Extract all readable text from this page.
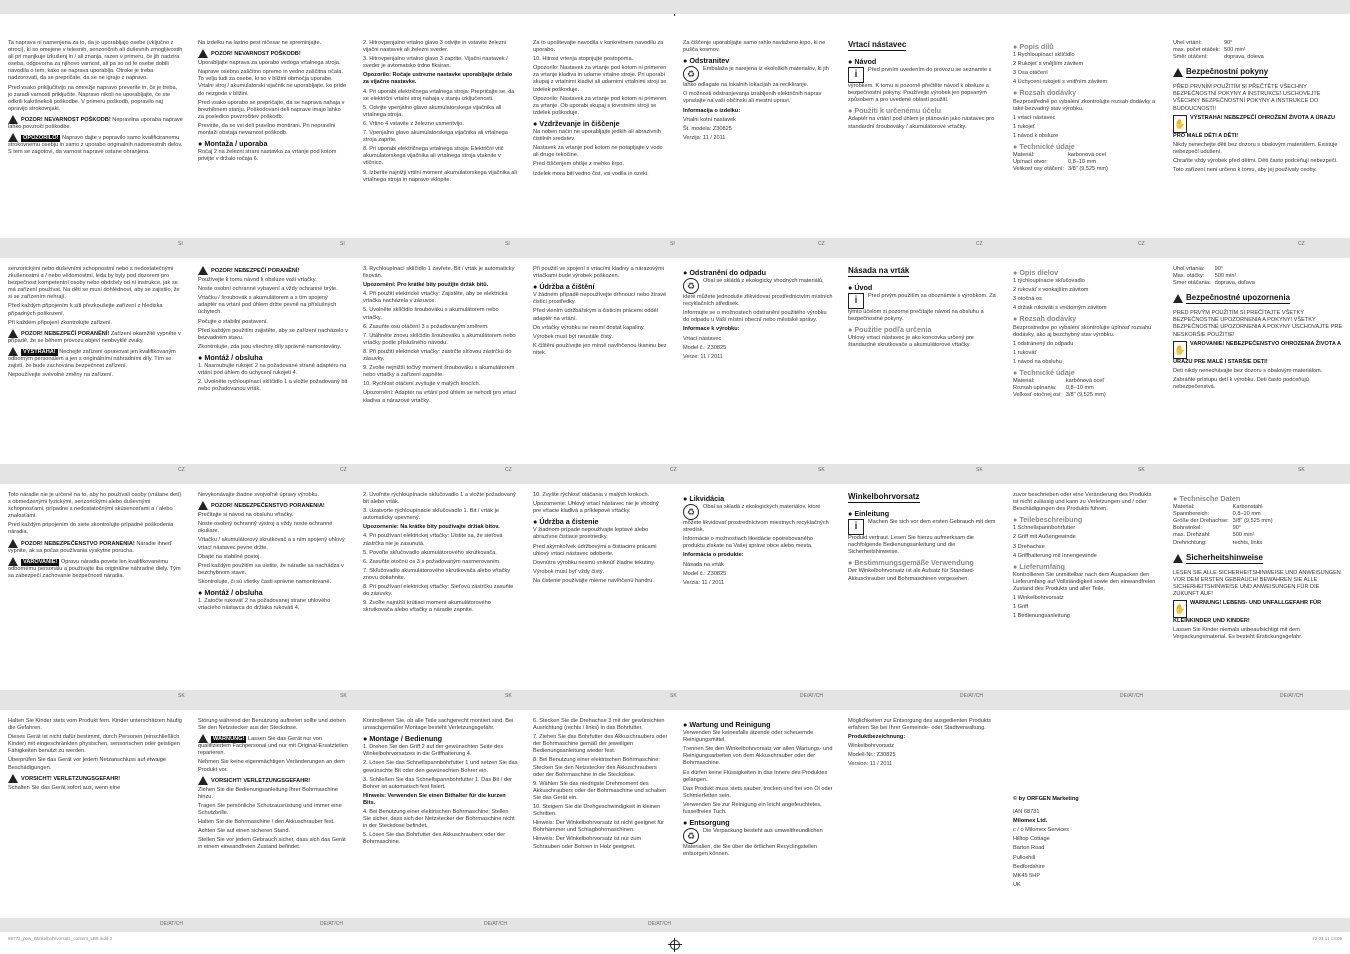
SI	SI	SI	SI	CZ	CZ	CZ	CZ
CZ	CZ	CZ	CZ	SK	SK	SK	SK
SK	SK	SK	SK	DE/AT/CH	DE/AT/CH	DE/AT/CH	DE/AT/CH
DE/AT/CH	DE/AT/CH	DE/AT/CH	DE/AT/CH

Ta naprava ni namenjena za to, da jo uporabljajo osebe (vključno z otroci), ki so omejene v telesnih, senzoričnih ali duševnih zmogljivostih ali pri manjkuje izkušenj in / ali znanja, razen v primeru, če jih nadzira oseba, odgovorna za njihovo varnost, ali pa so od te osebe dobili navodila o tem, kako se naprava uporablja. Otroke je treba nadzorovati, da se prepričate, da se ne igrajo z napravo.

Pred vsako priključitvijo na omrežje napravo preverite in, če je treba, jo zaradi varnosti priključite. Napravo nikoli ne uporabljajte, če ste odkrili kakršnekoli poškodbe. V primeru poškodb, popravilo naj opravijo strokovnjaki.

POZOR! NEVARNOST POŠKODB! Nepravilna uporaba naprave lahko povzroči poškodbe.

OPOZORILO! Napravo dajte v popravilo samo kvalificiranemu strokovnemu osebju in samo z uporabo originalnih nadomestnih delov. S tem se zagotovi, da varnost naprave ostane ohranjena.

Na izdelku na lastno pest ničesar ne spreminjajte.

POZOR! NEVARNOST POŠKODB!

Uporabljajte naprava za uporabo vedoga vrtalnega stroja.

Naprave osebno zaščitno opremo in vedno zaščitna očala. To velja tudi za osebe, ki so v bližini območja uporabe. Vrtalni stroj / akumulatorski vijačnik ne uporabljajte, ko pride do nezgode v bližini.

Pred vsako uporabo se prepričajte, da se naprava nahaja v brezhibnem stanju. Poškodovani deli naprave imajo lahko za posledico povzročitev poškodb.

Previrite, da se vsi deli pravilno montirani. Pri nepravilni montaži obstaja nevarnost poškodb.

● Montaža / uporaba

Ročaj 2 na železni strani nastavka za vrtanje pod kotom privijte v držalo ročaja 6.

2. Hitrovpenjalno vrtalno glavo 3 odvijte in vstavite železni vijačni nastavek ali železni sveder.

3. Hitrovpenjalno vrtalno glavo 3 zaprite. Vijačni nastavek / sveder je avtomatsko trdno fiksiran.

Opozorilo: Ročaje ustrezne nastavke uporabljajte držalo za vijačne nastavke.

4. Pri uporabi električnega vrtalnega stroja: Prepričajte se, da se električni vrtalni stroj nahaja v stanju izključenosti.

5. Odvijte vpenjalno glavo akumulatorskega vijačnika ali vrtalnega stroja.

6. Vrtino 4 vstavite z železno usmeritvijo.

7. Vpenjalno glavo akumulatorskega vijačnika ali vrtalnega stroja zaprite.

8. Pri uporabi električnega vrtalnega stroja: Električni vtič akumulatorskega vijačnika ali vrtalnega stroja vtaknite v vtičnico.

9. Izberite najnižji vrtilni moment akumulatorskega vijačnika ali vrtalnega stroja in napravo vklopite.

Za to upoštevajte navodila v konkretnem navodilu za uporabo.

10. Hitrost vrtenja stopnjujte postopoma.

Opozorilo: Nastavek za vrtanje pod kotom ni primeren za vrtanje kladiva in udarne vrtalne stroje. Pri uporabi skupaj z vrtalnimi kladivi ali udarnimi vrtalnimi stroji se izdelek poškoduje.

Opozorilo: Nastavek za vrtanje pod kotom ni primeren za vrtanje. Ob uporabi skupaj s tovrstnimi stroji se izdelek poškoduje.

● Vzdrževanje in čiščenje

Na noben način ne uporabljajte jedkih ali abrazivnih čistilnih sredstev.

Nastavek za vrtanje pod kotom ne potapljajte v vodo ali druge tekočine.

Pred čiščenjem ohišje z mehko krpo.

Izdelek mora biti vedno čist, vsi vodila in ozeki.

Za čiščenje uporabljajte samo rahlo navlaženo krpo, ki ne pušča kosmov.

● Odstranitev

♻ Embalaža je narejena iz ekoloških materialov, ki jih lahko odlagate na lokalnih lokacijah za recikliranje.

O možnosti odstranjevanja izrabljenih električnih naprav vprašajte na vaši občinski ali mestni upravi.

Informacija o izdelku:

Vrtalni kotni nastavek

Št. modela: Z30825

Verzija: 11 / 2011

Vrtací nástavec
● Návod

i Před prvním uvedením do provozu se seznamte s výrobkem. K tomu si pozorně přečtěte návod k obsluze a bezpečnostní pokyny. Používejte výrobek jen popsaným způsobem a pro uvedené oblasti použití.

● Použití k určenému účelu

Adaptér na vrtání pod úhlem je plánován jako nástavec pro standardní šroubováky / akumulátorové vrtačky.

● Popis dílů

1 Rychloupínací sklíčidlo

2 Rukojeť s vnějším závitem

3 Osa otáčení

4 Uchycení rukojeti s vnitřním závitem

● Rozsah dodávky

Bezprostředně po vybalení zkontrolujte rozsah dodávky a také bezvadný stav výrobku.

1 vrtací nástavec

1 rukojeť

1 návod k obsluze

● Technické údaje
Materiál:	karbonová ocel
Upínací otvor:	0,8–10 mm
Velikost osy otáčení:	3/8" (9,525 mm)
Úhel vrtání:	90°
max. počet otáček:	500 min¹
Směr otáčení:	doprava, doleva

Bezpečnostní pokyny

PŘED PRVNÍM POUŽITÍM SI PŘEČTĚTE VŠECHNY BEZPEČNOSTNÍ POKYNY A INSTRUKCE! USCHOVEJTE VŠECHNY BEZPEČNOSTNÍ POKYNY A INSTRUKCE DO BUDOUCNOSTI!

✋VÝSTRAHA! NEBEZPEČÍ OHROŽENÍ ŽIVOTA A ÚRAZU PRO MALÉ DĚTI A DĚTI!

Nikdy nenechejte děti bez dozoru s obalovým materiálem. Existuje nebezpečí udušení.

Chraňte vždy výrobek před dětmi. Děti často podceňují nebezpečí.

Toto zařízení není určeno k tomu, aby jej používaly osoby.

senzorickými nebo duševními schopnostmi nebo s nedostatečnými zkušenostmi a / nebo vědomostmi, leda by byly pod dozorem pro bezpečnost kompetentní osoby nebo obdržely od ní instrukce, jak se má zařízení používat. Na děti se musí dohlédnout, aby se zajistilo, že si se zařízením nehrají.

Před každým připojením k síti přezkoušejte zařízení z hlediska případných poškození.

Při každém připojení zkontrolujte zařízení.

POZOR! NEBEZPEČÍ PORANĚNÍ! Zařízení okamžitě vypněte v případě, že se během provozu objeví neobvyklé zvuky.

VÝSTRAHA! Nechejte zařízení opravovat jen kvalifikovaným odborným personálem a jen s originálními náhradními díly. Tím se zajistí, že bude zachována bezpečnost zařízení.

Nepoužívejte svévolné změny na zařízení.

POZOR! NEBEZPEČÍ PORANĚNÍ!

Používejte k tomu návod k obsluze vaší vrtačky.

Noste osobní ochranné vybavení a vždy ochranné brýle.

Vrtačku / šroubovák s akumulátorem a s tím spojený adaptér na vrtání pod úhlem držte pevně na příslušných úchytech.

Počujte o stabilní postavení.

Před každým použitím zajistěte, aby se zařízení nacházelo v bezvadném stavu.

Zkontrolujte, zda jsou všechny díly správně namontovány.

● Montáž / obsluha

1. Nasroubujte rukojeť 2 na požadované straně adaptéru na vrtání pod úhlem do uchycení rukojeti 4.

2. Uvolněte rychloupínací sklíčidlo 1 a vložte požadovaný bit nebo požadovanou vrták.

3. Rychloupínací sklíčidlo 1 zavřete. Bit / vrták je automaticky fixován.

Upozornění: Pro krátké bity použijte držák bitů.

4. Při použití elektrické vrtačky: Zajistěte, aby se elektrická vrtačka nacházela v zásuvce.

5. Uvolněte sklíčidlo šroubováku s akumulátorem nebo vrtačky.

6. Zasuňte osu otáčení 3 s požadovaným směrem.

7. Utáhněte znovu sklíčidlo šroubováku s akumulátorem nebo vrtačky podle příslušného návodu.

8. Při použití elektrické vrtačky: zastrčte síťovou zástrčku do zásuvky.

9. Zvolte nejnižší točivý moment šroubováku s akumulátorem nebo vrtačky a zařízení zapněte.

10. Rychlost otáčení zvyšujte v malých krocích.

Upozornění: Adaptér na vrtání pod úhlem se nehodí pro vrtací kladiva a nárazové vrtačky.

Při použití ve spojení s vrtacími kladivy a nárazovými vrtačkami bude výrobek poškozen.

● Údržba a čištění

V žádném případě nepoužívejte drhnoucí nebo žíravé čisticí prostředky.

Před vlením údržbářským a čisticím prácemi odděl adaptér na vrtání.

Do vrtačky výrobku se nesmí dostat kapaliny.

Výrobek musí být neustále čistý.

K čištění používejte jen mírně navlhčenou tkaninu bez nitek.

● Odstranění do odpadu

♻ Obal se skládá z ekologicky vhodných materiálů, které můžete jednoduše zlikvidovat prostřednictvím místních recyklačních středisek.

Informujte se o možnostech odstranění použitého výrobku do odpadu u Vaší místní obecní nebo městské správy.

Informace k výrobku:

Vrtací nástavec

Model č.: Z30825

Verze: 11 / 2011

Násada na vrták
● Úvod

i Pred prvým použitím sa oboznámte s výrobkom. Za týmto účelom si pozorne prečítajte návod na obsluhu a bezpečnostné pokyny.

● Použitie podľa určenia

Uhlový vrtací nástavec je ako koncovka určený pre štandardné skrutkovače a akumulátorové vŕtačky.

● Opis dielov

1 rýchloupínacie skľučovadlo

2 rukoväť s vonkajším závitom

3 otočná os

4 držiak rukoväti s vnútorným závitom

● Rozsah dodávky

Bezprostredne po vybalení skontrolujte úplnosť rozsahu dodávky, ako aj bezchybný stav výrobku.

1 odstránený do odpadu

1 rukoväť

1 návod na obsluhu

● Technické údaje
Materiál:	karbónová oceľ
Rozsah upínania:	0,8–10 mm
Veľkosť otočnej osi:	3/8" (9,525 mm)
Uhol vŕtania:	90°
Max. otáčky:	500 min¹
Smer otáčania:	doprava, doľava

Bezpečnostné upozornenia

PRED PRVÝM POUŽITÍM SI PREČÍTAJTE VŠETKY BEZPEČNOSTNÉ UPOZORNENIA A POKYNY! VŠETKY BEZPEČNOSTNÉ UPOZORNENIA A POKYNY USCHOVAJTE PRE NESKORŠIE POUŽITIE!

✋VAROVANIE! NEBEZPEČENSTVO OHROZENIA ŽIVOTA A ÚRAZU PRE MALÉ I STARŠIE DETI!

Deti nikdy nenechávajte bez dozoru s obalovým materiálom.

Zabráňte prístupu detí k výrobku. Deti často podceňujú nebezpečenstvá.

Toto náradie nie je určené na to, aby ho používali osoby (vrátane detí) s obmedzenými fyzickými, senzorickými alebo duševnými schopnosťami, prípadne s nedostatočnými skúsenosťami a / alebo znalosťami.

Pred každým pripojením do siete skontrolujte prípadné poškodenia náradia.

POZOR! NEBEZPEČENSTVO PORANENIA! Náradie ihneď vypnite, ak sa počas používania vyskytne porucha.

VAROVANIE! Opravu náradia povete len kvalifikovanému odbornému personálu a používajte iba originálne náhradné diely. Tým sa zabezpečí zachovanie bezpečnosti náradia.

Nevykonávajte žiadne svojvoľné úpravy výrobku.

POZOR! NEBEZPEČENSTVO PORANENIA!

Prečítajte si návod na obsluhu vŕtačky.

Noste osobný ochranný výstroj a vždy noste ochranné okuliare.

Vŕtačku / akumulátorový skrutkovač a s ním spojený uhlový vrtací nástavec pevne držte.

Dbajte na stabilné postoj.

Pred každým použitím sa uistite, že náradie sa nachádza v bezchybnom stave.

Skontrolujte, či sú všetky časti správne namontované.

● Montáž / obsluha

1. Zatočte rukoväť 2 na požadovanej strane uhlového vrtacieho nástavca do držiaka rukoväti 4.

2. Uvoľnite rýchloupínacie skľučovadlo 1 a vložte požadovaný bit alebo vrták.

3. Uzatvorte rýchloupínacie skľučovadlo 1. Bit / vrták je automaticky upevnený.

Upozornenie: Na krátke bity používajte držiak bitov.

4. Pri používaní elektrickej vŕtačky: Uistite sa, že sieťová zástrčka nie je zasunutá.

5. Povoľte skľučovadlo akumulátorového skrutkovača.

6. Zasuňte otočnú os 3 s požadovaným nasmerovaním.

7. Skľučovadlo akumulátorového skrutkovača alebo vŕtačky znovu dotiahnite.

8. Pri používaní elektrickej vŕtačky: Sieťovú zástrčku zasuňte do zásuvky.

9. Zvoľte najnižší krútiaci moment akumulátorového skrutkovača alebo vŕtačky a náradie zapnite.

10. Zvyšte rýchlosť otáčania v malých krokoch.

Upozornenie: Uhlový vrtací nástavec nie je vhodný pre vŕtacie kladivá a príklepové vŕtačky.

● Údržba a čistenie

V žiadnom prípade nepoužívajte leptavé alebo abrazívne čistiace prostriedky.

Pred akýmkoľvek údržbovými a čistiacimi prácami uhlový vrtací nástavec odoberte.

Dovnútra výrobku nesmú vniknúť žiadne tekutiny.

Výrobok musí byť vždy čistý.

Na čistenie používajte mierne navlhčenú handru.

● Likvidácia

♻ Obal sa skladá z ekologických materiálov, ktoré môžete likvidovať prostredníctvom miestnych recyklačných stredísk.

Informácie o možnostiach likvidácie opotrebovaného produktu získate na Vašej správe obce alebo mesta.

Informácia o produkte:

Násada na vrták

Model č.: Z30825

Verzia: 11 / 2011

Winkelbohrvorsatz
● Einleitung

i Machen Sie sich vor dem ersten Gebrauch mit dem Produkt vertraut. Lesen Sie hierzu aufmerksam die nachfolgende Bedienungsanleitung und die Sicherheitshinweise.

● Bestimmungsgemäße Verwendung

Der Winkelbohrvorsatz ist als Aufsatz für Standard-Akkuschrauber und Bohrmaschinen vorgesehen.

zuvor beschrieben oder eine Veränderung des Produkts ist nicht zulässig und kann zu Verletzungen und / oder Beschädigungen des Produkts führen.

● Teilebeschreibung

1 Schnellspannbohrfutter

2 Griff mit Außengewinde

3 Drehachse

4 Griffhalterung mit Innengewinde

● Lieferumfang

Kontrollieren Sie unmittelbar nach dem Auspacken den Lieferumfang auf Vollständigkeit sowie den einwandfreien Zustand des Produkts und aller Teile.

1 Winkelbohrvorsatz

1 Griff

1 Bedienungsanleitung

● Technische Daten
Material:	Karbonstahl
Spannbereich:	0,8–10 mm
Größe der Drehachse:	3/8" (9,525 mm)
Bohrwinkel:	90°
max. Drehzahl:	500 min¹
Drehrichtung:	rechts, links

Sicherheitshinweise

LESEN SIE ALLE SICHERHEITSHINWEISE UND ANWEISUNGEN VOR DEM ERSTEN GEBRAUCH! BEWAHREN SIE ALLE SICHERHEITSHINWEISE UND ANWEISUNGEN FÜR DIE ZUKUNFT AUF!

✋WARNUNG! LEBENS- UND UNFALLGEFAHR FÜR KLEINKINDER UND KINDER!

Lassen Sie Kinder niemals unbeaufsichtigt mit dem Verpackungsmaterial. Es besteht Erstickungsgefahr.

Halten Sie Kinder stets vom Produkt fern. Kinder unterschätzen häufig die Gefahren.

Dieses Gerät ist nicht dafür bestimmt, durch Personen (einschließlich Kinder) mit eingeschränkten physischen, sensorischen oder geistigen Fähigkeiten benutzt zu werden.

Überprüfen Sie das Gerät vor jedem Netzanschluss auf etwaige Beschädigungen.

VORSICHT! VERLETZUNGSGEFAHR!

Schalten Sie das Gerät sofort aus, wenn eine

Störung während der Benutzung auftreten sollte und ziehen Sie den Netzstecker aus der Steckdose.

WARNUNG! Lassen Sie das Gerät nur von qualifiziertem Fachpersonal und nur mit Original-Ersatzteilen reparieren.

Nehmen Sie keine eigenmächtigen Veränderungen an dem Produkt vor.

VORSICHT! VERLETZUNGSGEFAHR!

Ziehen Sie die Bedienungsanleitung Ihrer Bohrmaschine hinzu.

Tragen Sie persönliche Schutzausrüstung und immer eine Schutzbrille.

Halten Sie die Bohrmaschine / den Akkuschrauber fest.

Achten Sie auf einen sicheren Stand.

Stellen Sie vor jedem Gebrauch sicher, dass sich das Gerät in einem einwandfreien Zustand befindet.

Kontrollieren Sie, ob alle Teile sachgerecht montiert sind. Bei unsachgemäßer Montage besteht Verletzungsgefahr.

● Montage / Bedienung

1. Drehen Sie den Griff 2 auf der gewünschten Seite des Winkelbohrvorsatzes in die Griffhalterung 4.

2. Lösen Sie das Schnellspannbohrfutter 1 und setzen Sie das gewünschte Bit oder den gewünschten Bohrer ein.

3. Schließen Sie das Schnellspannbohrfutter 1. Das Bit / der Bohrer ist automatisch fest fixiert.

Hinweis: Verwenden Sie einen Bithalter für die kurzen Bits.

4. Bei Benutzung einer elektrischen Bohrmaschine: Stellen Sie sicher, dass sich der Netzstecker der Bohrmaschine nicht in der Steckdose befindet.

5. Lösen Sie das Bohrfutter des Akkuschraubers oder der Bohrmaschine.

6. Stecken Sie die Drehachse 3 mit der gewünschten Ausrichtung (rechts / links) in das Bohrfutter.

7. Ziehen Sie das Bohrfutter des Akkuschraubers oder der Bohrmaschine gemäß der jeweiligen Bedienungsanleitung wieder fest.

8. Bei Benutzung einer elektrischen Bohrmaschine: Stecken Sie den Netzstecker des Akkuschraubers oder der Bohrmaschine in die Steckdose.

9. Wählen Sie das niedrigste Drehmoment des Akkuschraubers oder der Bohrmaschine und schalten Sie das Gerät ein.

10. Steigern Sie die Drehgeschwindigkeit in kleinen Schritten.

Hinweis: Der Winkelbohrvorsatz ist nicht geeignet für Bohrhämmer und Schlagbohrmaschinen.

Hinweis: Der Winkelbohrvorsatz ist nur zum Schrauben oder Bohren in Holz geeignet.

● Wartung und Reinigung

Verwenden Sie keinesfalls ätzende oder scheuernde Reinigungsmittel.

Trennen Sie den Winkelbohrvorsatz vor allen Wartungs- und Reinigungsarbeiten von dem Akkuschrauber oder der Bohrmaschine.

Es dürfen keine Flüssigkeiten in das Innere des Produktes gelangen.

Das Produkt muss stets sauber, trocken und frei von Öl oder Schmierfetten sein.

Verwenden Sie zur Reinigung ein leicht angefeuchtetes, fusselfreies Tuch.

● Entsorgung

♻ Die Verpackung besteht aus umweltfreundlichen Materialien, die Sie über die örtlichen Recyclingstellen entsorgen können.

Möglichkeiten zur Entsorgung des ausgedienten Produkts erfahren Sie bei Ihrer Gemeinde- oder Stadtverwaltung.

Produktbezeichnung:

Winkelbohrvorsatz

Modell-Nr.: Z30825

Version: 11 / 2011

© by ORFGEN Marketing

IAN 68731

Milomex Ltd.

c / o Milomex Services

Hilltop Cottage

Barton Road

Pulloxhill

Bedfordshire

MK45 5HP

UK

68772_pow_Winkelbohrvorsatz_content_LB6.indd 2	22.03.11 13:06
